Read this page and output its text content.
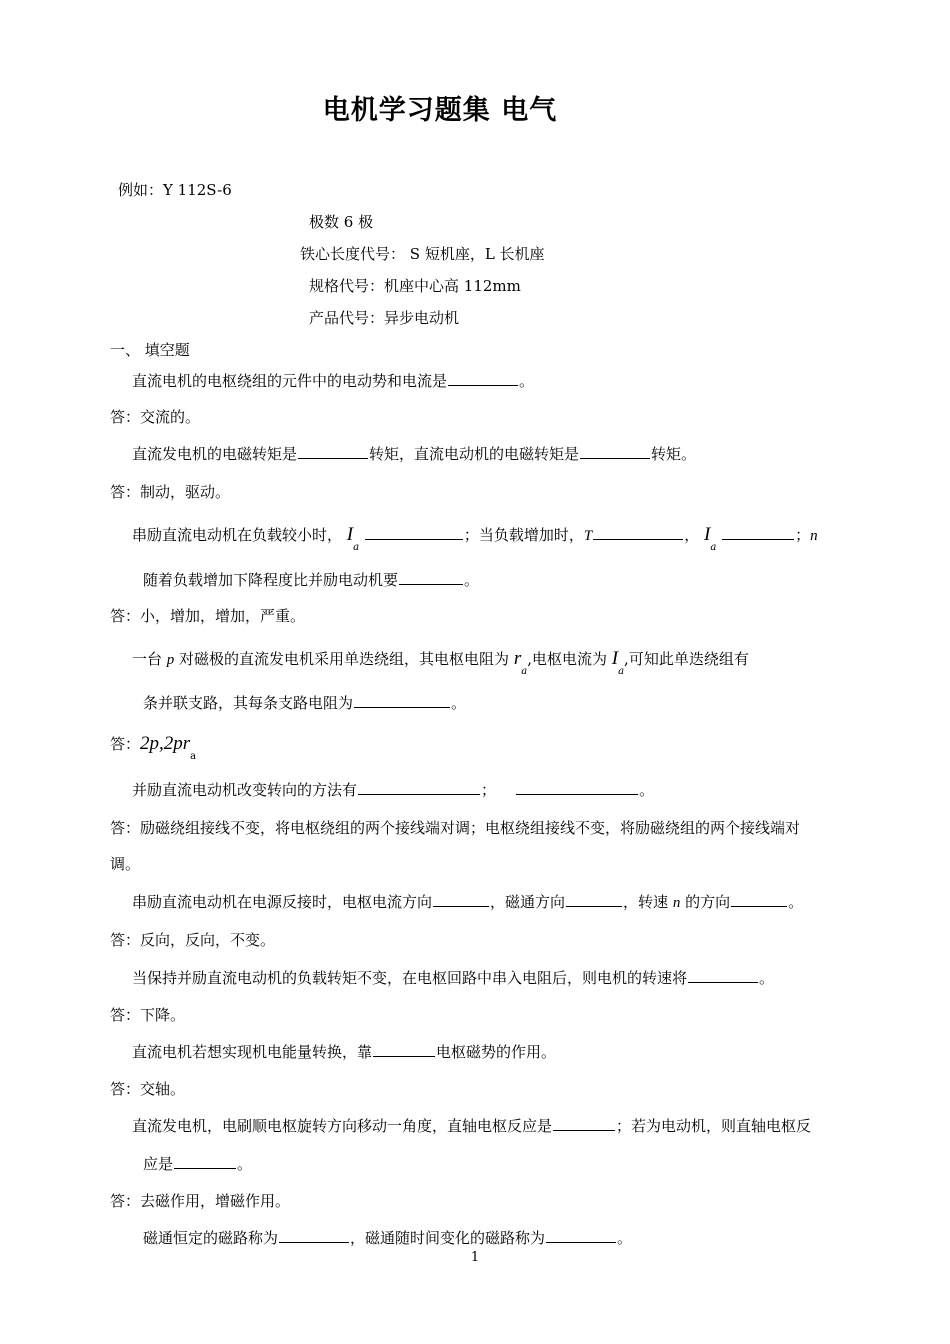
电机学习题集 电气
例如：Y 112S-6
极数 6 极
铁心长度代号： S 短机座，L 长机座
规格代号：机座中心高 112mm
产品代号：异步电动机
一、 填空题
直流电机的电枢绕组的元件中的电动势和电流是	。
答：交流的。
直流发电机的电磁转矩是	转矩，直流电动机的电磁转矩是	转矩。
答：制动，驱动。
串励直流电动机在负载较小时， $I_a$ ；当负载增加时，T	， $I_a$ ；n
随着负载增加下降程度比并励电动机要	。
答：小，增加，增加，严重。
一台 p 对磁极的直流发电机采用单迭绕组，其电枢电阻为 $r_a$,电枢电流为 $I_a$,可知此单迭绕组有
条并联支路，其每条支路电阻为	。
答：$2p,2pr_a$
并励直流电动机改变转向的方法有	；	。
答：励磁绕组接线不变，将电枢绕组的两个接线端对调；电枢绕组接线不变，将励磁绕组的两个接线端对
调。
串励直流电动机在电源反接时，电枢电流方向	，磁通方向	，转速 n 的方向	。
答：反向，反向，不变。
当保持并励直流电动机的负载转矩不变，在电枢回路中串入电阻后，则电机的转速将	。
答：下降。
直流电机若想实现机电能量转换，靠	电枢磁势的作用。
答：交轴。
直流发电机，电刷顺电枢旋转方向移动一角度，直轴电枢反应是	；若为电动机，则直轴电枢反
应是	。
答：去磁作用，增磁作用。
磁通恒定的磁路称为	，磁通随时间变化的磁路称为	。
1
